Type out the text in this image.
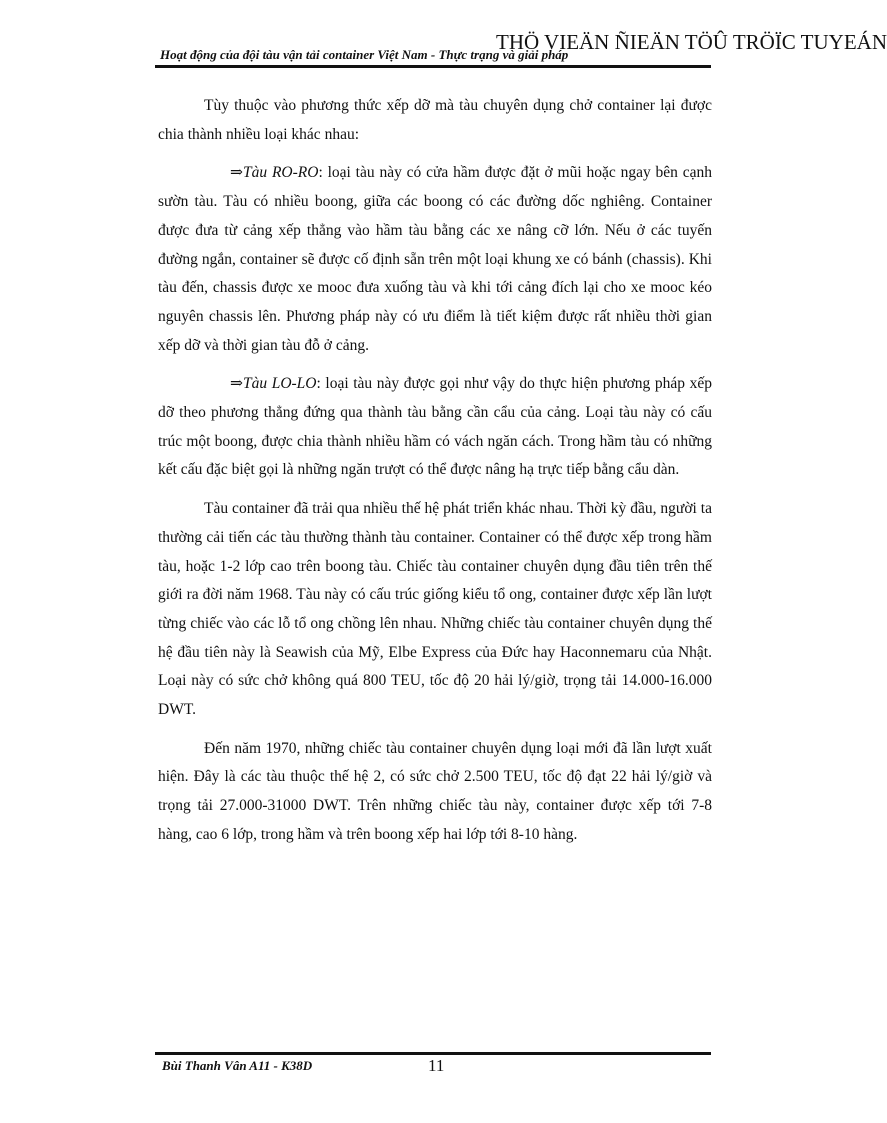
THÖ VIEÄN ÑIEÄN TÖÛ TRÖÏC TUYEÁN
Hoạt động của đội tàu vận tải container Việt Nam - Thực trạng và giải pháp

Tùy thuộc vào phương thức xếp dỡ mà tàu chuyên dụng chở container lại được chia thành nhiều loại khác nhau:

⇒Tàu RO-RO: loại tàu này có cửa hầm được đặt ở mũi hoặc ngay bên cạnh sườn tàu. Tàu có nhiều boong, giữa các boong có các đường dốc nghiêng. Container được đưa từ cảng xếp thẳng vào hầm tàu bằng các xe nâng cỡ lớn. Nếu ở các tuyến đường ngắn, container sẽ được cố định sẵn trên một loại khung xe có bánh (chassis). Khi tàu đến, chassis được xe mooc đưa xuống tàu và khi tới cảng đích lại cho xe mooc kéo nguyên chassis lên. Phương pháp này có ưu điểm là tiết kiệm được rất nhiều thời gian xếp dỡ và thời gian tàu đỗ ở cảng.

⇒Tàu LO-LO: loại tàu này được gọi như vậy do thực hiện phương pháp xếp dỡ theo phương thẳng đứng qua thành tàu bằng cần cẩu của cảng. Loại tàu này có cấu trúc một boong, được chia thành nhiều hầm có vách ngăn cách. Trong hầm tàu có những kết cấu đặc biệt gọi là những ngăn trượt có thể được nâng hạ trực tiếp bằng cẩu dàn.

Tàu container đã trải qua nhiều thế hệ phát triển khác nhau. Thời kỳ đầu, người ta thường cải tiến các tàu thường thành tàu container. Container có thể được xếp trong hầm tàu, hoặc 1-2 lớp cao trên boong tàu. Chiếc tàu container chuyên dụng đầu tiên trên thế giới ra đời năm 1968. Tàu này có cấu trúc giống kiểu tổ ong, container được xếp lần lượt từng chiếc vào các lỗ tổ ong chồng lên nhau. Những chiếc tàu container chuyên dụng thế hệ đầu tiên này là Seawish của Mỹ, Elbe Express của Đức hay Haconnemaru của Nhật. Loại này có sức chở không quá 800 TEU, tốc độ 20 hải lý/giờ, trọng tải 14.000-16.000 DWT.

Đến năm 1970, những chiếc tàu container chuyên dụng loại mới đã lần lượt xuất hiện. Đây là các tàu thuộc thế hệ 2, có sức chở 2.500 TEU, tốc độ đạt 22 hải lý/giờ và trọng tải 27.000-31000 DWT. Trên những chiếc tàu này, container được xếp tới 7-8 hàng, cao 6 lớp, trong hầm và trên boong xếp hai lớp tới 8-10 hàng.

Bùi Thanh Vân A11 - K38D	11
